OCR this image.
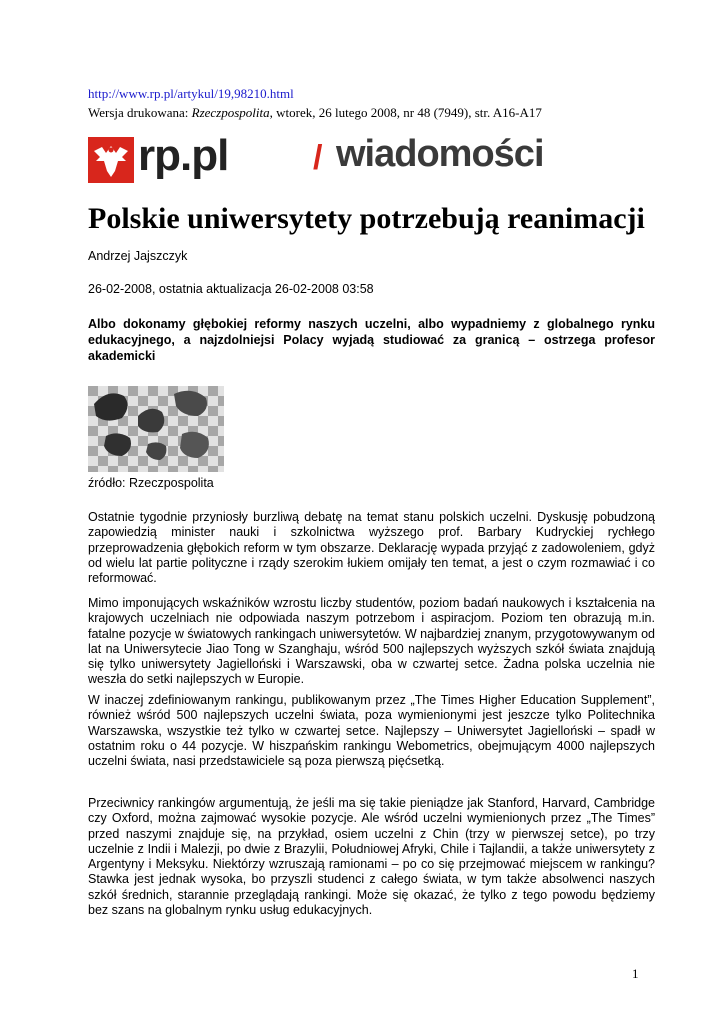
http://www.rp.pl/artykul/19,98210.html
Wersja drukowana: Rzeczpospolita, wtorek, 26 lutego 2008, nr 48 (7949), str. A16-A17
rp.pl / wiadomości
Polskie uniwersytety potrzebują reanimacji
Andrzej Jajszczyk
26-02-2008, ostatnia aktualizacja 26-02-2008 03:58

Albo dokonamy głębokiej reformy naszych uczelni, albo wypadniemy z globalnego rynku edukacyjnego, a najzdolniejsi Polacy wyjadą studiować za granicą – ostrzega profesor akademicki

źródło: Rzeczpospolita

Ostatnie tygodnie przyniosły burzliwą debatę na temat stanu polskich uczelni. Dyskusję pobudzoną zapowiedzią minister nauki i szkolnictwa wyższego prof. Barbary Kudryckiej rychłego przeprowadzenia głębokich reform w tym obszarze. Deklarację wypada przyjąć z zadowoleniem, gdyż od wielu lat partie polityczne i rządy szerokim łukiem omijały ten temat, a jest o czym rozmawiać i co reformować.

Mimo imponujących wskaźników wzrostu liczby studentów, poziom badań naukowych i kształcenia na krajowych uczelniach nie odpowiada naszym potrzebom i aspiracjom. Poziom ten obrazują m.in. fatalne pozycje w światowych rankingach uniwersytetów. W najbardziej znanym, przygotowywanym od lat na Uniwersytecie Jiao Tong w Szanghaju, wśród 500 najlepszych wyższych szkół świata znajdują się tylko uniwersytety Jagielloński i Warszawski, oba w czwartej setce. Żadna polska uczelnia nie weszła do setki najlepszych w Europie.

W inaczej zdefiniowanym rankingu, publikowanym przez „The Times Higher Education Supplement”, również wśród 500 najlepszych uczelni świata, poza wymienionymi jest jeszcze tylko Politechnika Warszawska, wszystkie też tylko w czwartej setce. Najlepszy – Uniwersytet Jagielloński – spadł w ostatnim roku o 44 pozycje. W hiszpańskim rankingu Webometrics, obejmującym 4000 najlepszych uczelni świata, nasi przedstawiciele są poza pierwszą pięćsetką.

Przeciwnicy rankingów argumentują, że jeśli ma się takie pieniądze jak Stanford, Harvard, Cambridge czy Oxford, można zajmować wysokie pozycje. Ale wśród uczelni wymienionych przez „The Times” przed naszymi znajduje się, na przykład, osiem uczelni z Chin (trzy w pierwszej setce), po trzy uczelnie z Indii i Malezji, po dwie z Brazylii, Południowej Afryki, Chile i Tajlandii, a także uniwersytety z Argentyny i Meksyku. Niektórzy wzruszają ramionami – po co się przejmować miejscem w rankingu? Stawka jest jednak wysoka, bo przyszli studenci z całego świata, w tym także absolwenci naszych szkół średnich, starannie przeglądają rankingi. Może się okazać, że tylko z tego powodu będziemy bez szans na globalnym rynku usług edukacyjnych.

1
